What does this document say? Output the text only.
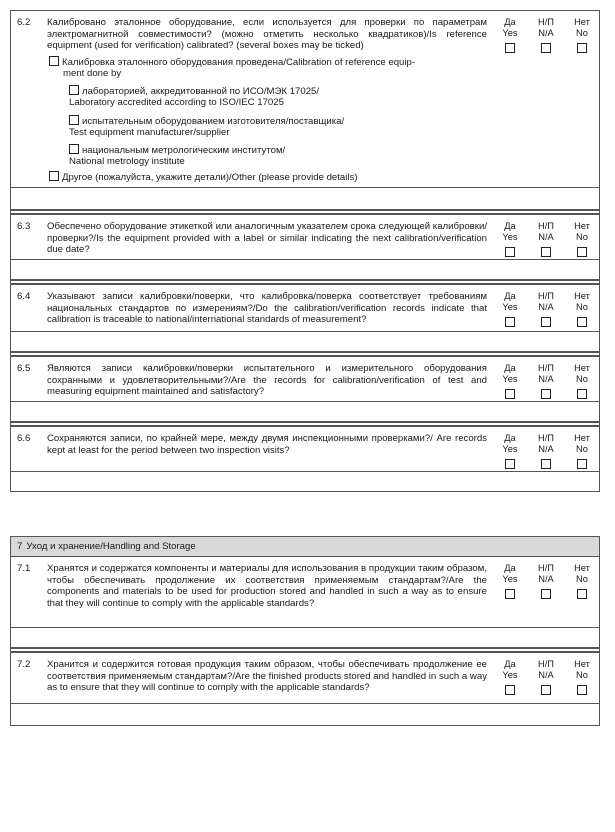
6.2 Калибровано эталонное оборудование, если используется для проверки по параметрам электромагнитной совместимости? (можно отметить несколько квадратиков)/Is reference equipment (used for verification) calibrated? (several boxes may be ticked)
Калибровка эталонного оборудования проведена/Calibration of reference equip-
ment done by
лабораторией, аккредитованной по ИСО/МЭК 17025/
Laboratory accredited according to ISO/IEC 17025
испытательным оборудованием изготовителя/поставщика/
Test equipment manufacturer/supplier
национальным метрологическим институтом/
National metrology institute
Другое (пожалуйста, укажите детали)/Other (please provide details)
Да
Yes
Н/П
N/A
Нет
No
6.3 Обеспечено оборудование этикеткой или аналогичным указателем срока следующей калибровки/проверки?/Is the equipment provided with a label or similar indicating the next calibration/verification due date?
Да
Yes
Н/П
N/A
Нет
No
6.4 Указывают записи калибровки/поверки, что калибровка/поверка соответствует требованиям национальных стандартов по измерениям?/Do the calibration/verification records indicate that calibration is traceable to national/international standards of measurement?
Да
Yes
Н/П
N/A
Нет
No
6.5 Являются записи калибровки/поверки испытательного и измерительного оборудования сохранными и удовлетворительными?/Are the records for calibration/verification of test and measuring equipment maintained and satisfactory?
Да
Yes
Н/П
N/A
Нет
No
6.6 Сохраняются записи, по крайней мере, между двумя инспекционными проверками?/ Are records kept at least for the period between two inspection visits?
Да
Yes
Н/П
N/A
Нет
No
7 Уход и хранение/Handling and Storage
7.1 Хранятся и содержатся компоненты и материалы для использования в продукции таким образом, чтобы обеспечивать продолжение их соответствия применяемым стандартам?/Are the components and materials to be used for production stored and handled in such a way as to ensure that they will continue to comply with the applicable standards?
Да
Yes
Н/П
N/A
Нет
No
7.2 Хранится и содержится готовая продукция таким образом, чтобы обеспечивать продолжение ее соответствия применяемым стандартам?/Are the finished products stored and handled in such a way as to ensure that they will continue to comply with the applicable standards?
Да
Yes
Н/П
N/A
Нет
No
